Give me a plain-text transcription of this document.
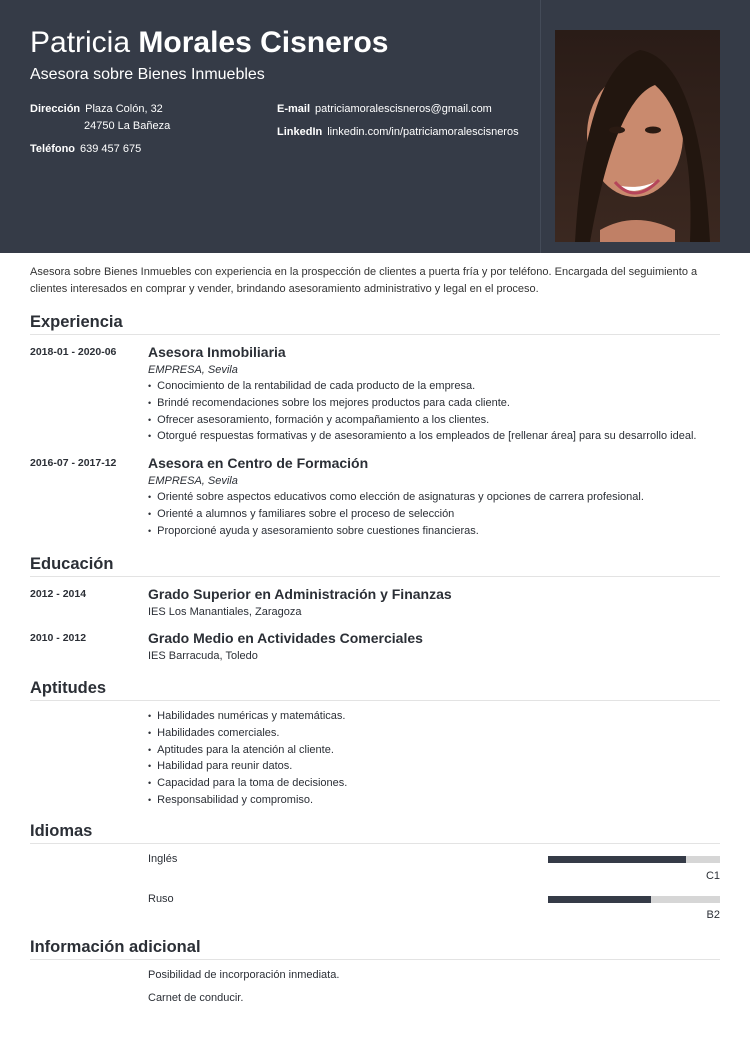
Patricia Morales Cisneros
Asesora sobre Bienes Inmuebles
Dirección Plaza Colón, 32
24750 La Bañeza
Teléfono 639 457 675
E-mail patriciamoralescisneros@gmail.com
LinkedIn linkedin.com/in/patriciamoralescisneros
Asesora sobre Bienes Inmuebles con experiencia en la prospección de clientes a puerta fría y por teléfono. Encargada del seguimiento a clientes interesados en comprar y vender, brindando asesoramiento administrativo y legal en el proceso.
Experiencia
2018-01 - 2020-06 Asesora Inmobiliaria
EMPRESA, Sevila
• Conocimiento de la rentabilidad de cada producto de la empresa.
• Brindé recomendaciones sobre los mejores productos para cada cliente.
• Ofrecer asesoramiento, formación y acompañamiento a los clientes.
• Otorgué respuestas formativas y de asesoramiento a los empleados de [rellenar área] para su desarrollo ideal.
2016-07 - 2017-12 Asesora en Centro de Formación
EMPRESA, Sevila
• Orienté sobre aspectos educativos como elección de asignaturas y opciones de carrera profesional.
• Orienté a alumnos y familiares sobre el proceso de selección
• Proporcioné ayuda y asesoramiento sobre cuestiones financieras.
Educación
2012 - 2014	Grado Superior en Administración y Finanzas
IES Los Manantiales, Zaragoza
2010 - 2012	Grado Medio en Actividades Comerciales
IES Barracuda, Toledo
Aptitudes
• Habilidades numéricas y matemáticas.
• Habilidades comerciales.
• Aptitudes para la atención al cliente.
• Habilidad para reunir datos.
• Capacidad para la toma de decisiones.
• Responsabilidad y compromiso.
Idiomas
Inglés
C1
Ruso
B2
Información adicional
Posibilidad de incorporación inmediata.
Carnet de conducir.
